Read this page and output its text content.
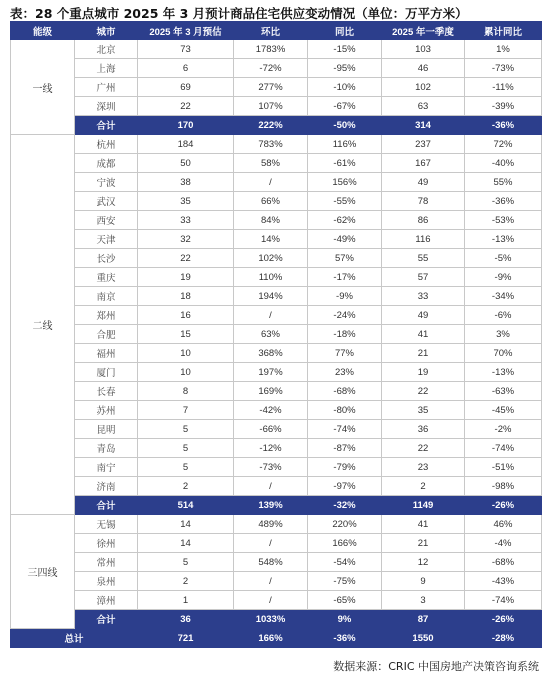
表：28 个重点城市 2025 年 3 月预计商品住宅供应变动情况（单位：万平方米）
能级	城市	2025 年 3 月预估	环比	同比	2025 年一季度	累计同比
一线	北京	73	1783%	-15%	103	1%
	上海	6	-72%	-95%	46	-73%
	广州	69	277%	-10%	102	-11%
	深圳	22	107%	-67%	63	-39%
	合计	170	222%	-50%	314	-36%
二线	杭州	184	783%	116%	237	72%
	成都	50	58%	-61%	167	-40%
	宁波	38	/	156%	49	55%
	武汉	35	66%	-55%	78	-36%
	西安	33	84%	-62%	86	-53%
	天津	32	14%	-49%	116	-13%
	长沙	22	102%	57%	55	-5%
	重庆	19	110%	-17%	57	-9%
	南京	18	194%	-9%	33	-34%
	郑州	16	/	-24%	49	-6%
	合肥	15	63%	-18%	41	3%
	福州	10	368%	77%	21	70%
	厦门	10	197%	23%	19	-13%
	长春	8	169%	-68%	22	-63%
	苏州	7	-42%	-80%	35	-45%
	昆明	5	-66%	-74%	36	-2%
	青岛	5	-12%	-87%	22	-74%
	南宁	5	-73%	-79%	23	-51%
	济南	2	/	-97%	2	-98%
	合计	514	139%	-32%	1149	-26%
三四线	无锡	14	489%	220%	41	46%
	徐州	14	/	166%	21	-4%
	常州	5	548%	-54%	12	-68%
	泉州	2	/	-75%	9	-43%
	漳州	1	/	-65%	3	-74%
	合计	36	1033%	9%	87	-26%
总计		721	166%	-36%	1550	-28%
数据来源：CRIC 中国房地产决策咨询系统
